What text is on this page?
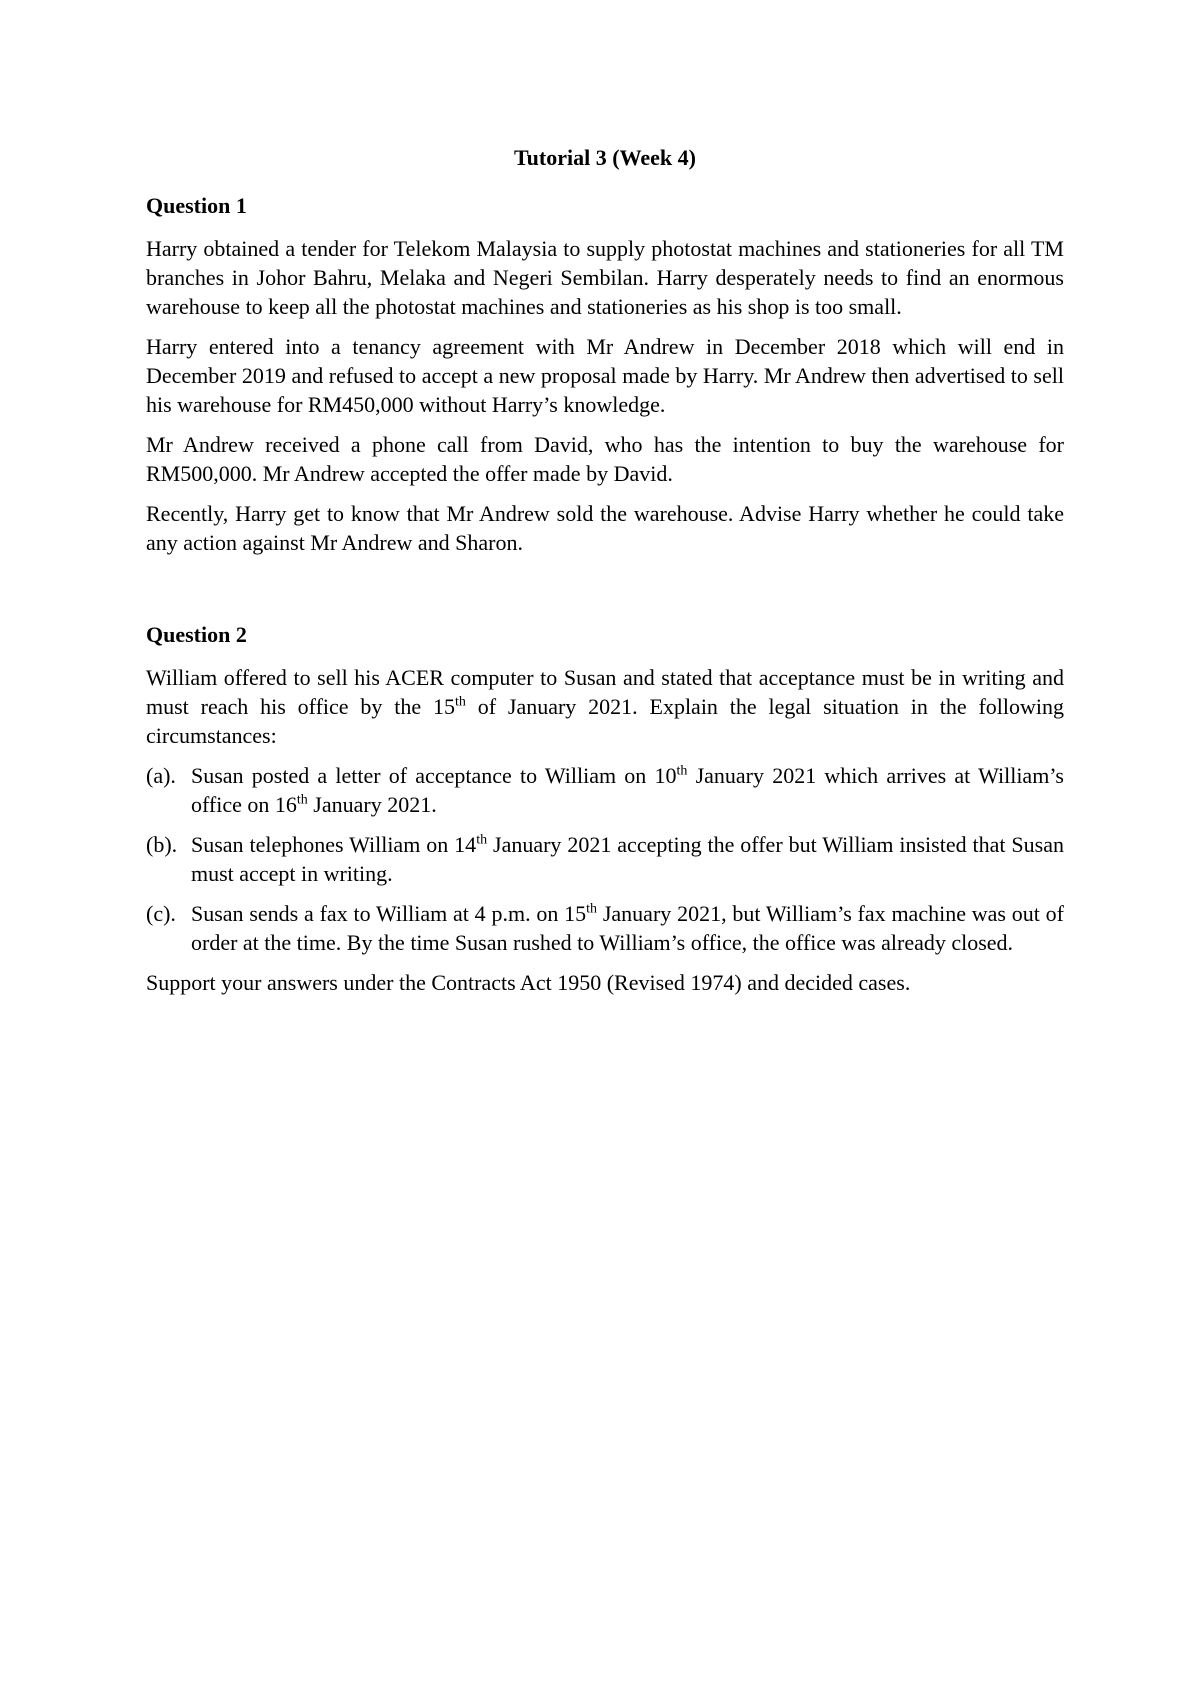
Tutorial 3 (Week 4)
Question 1

Harry obtained a tender for Telekom Malaysia to supply photostat machines and stationeries for all TM branches in Johor Bahru, Melaka and Negeri Sembilan. Harry desperately needs to find an enormous warehouse to keep all the photostat machines and stationeries as his shop is too small.

Harry entered into a tenancy agreement with Mr Andrew in December 2018 which will end in December 2019 and refused to accept a new proposal made by Harry. Mr Andrew then advertised to sell his warehouse for RM450,000 without Harry’s knowledge.

Mr Andrew received a phone call from David, who has the intention to buy the warehouse for RM500,000. Mr Andrew accepted the offer made by David.

Recently, Harry get to know that Mr Andrew sold the warehouse. Advise Harry whether he could take any action against Mr Andrew and Sharon.

Question 2

William offered to sell his ACER computer to Susan and stated that acceptance must be in writing and must reach his office by the 15th of January 2021. Explain the legal situation in the following circumstances:

(a). Susan posted a letter of acceptance to William on 10th January 2021 which arrives at William’s office on 16th January 2021.
(b). Susan telephones William on 14th January 2021 accepting the offer but William insisted that Susan must accept in writing.
(c). Susan sends a fax to William at 4 p.m. on 15th January 2021, but William’s fax machine was out of order at the time. By the time Susan rushed to William’s office, the office was already closed.

Support your answers under the Contracts Act 1950 (Revised 1974) and decided cases.
